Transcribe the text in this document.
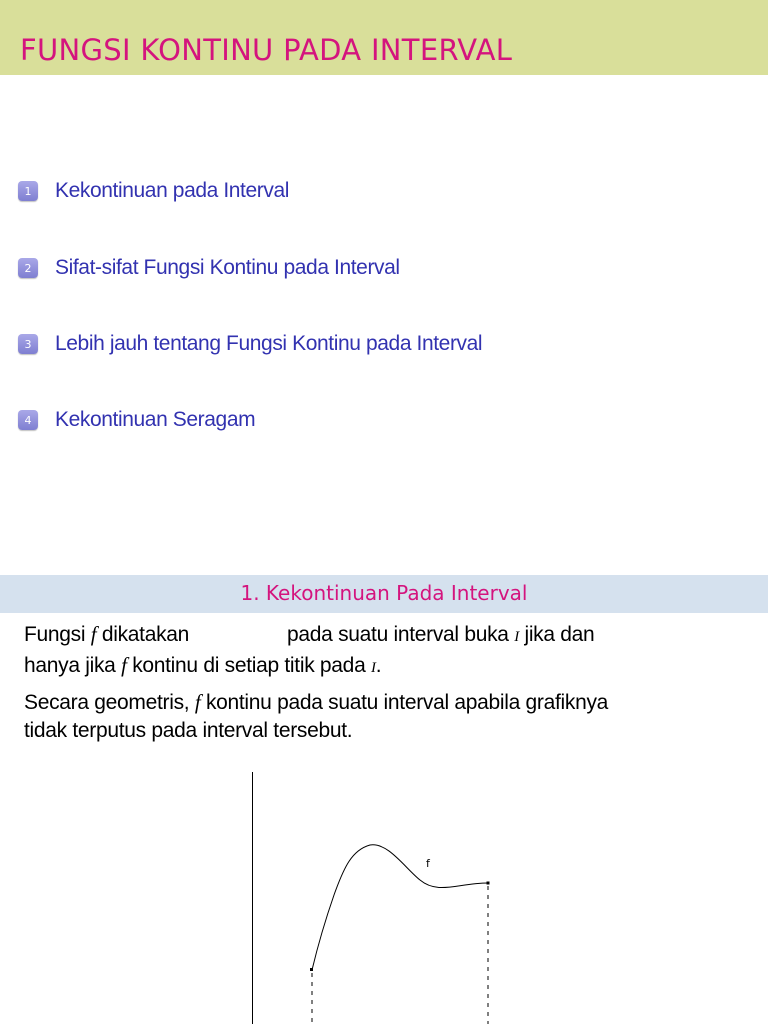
FUNGSI KONTINU PADA INTERVAL
1	Kekontinuan pada Interval
2	Sifat-sifat Fungsi Kontinu pada Interval
3	Lebih jauh tentang Fungsi Kontinu pada Interval
4	Kekontinuan Seragam
1. Kekontinuan Pada Interval
Fungsi f dikatakan	pada suatu interval buka I jika dan
hanya jika f kontinu di setiap titik pada I.
Secara geometris, f kontinu pada suatu interval apabila grafiknya
tidak terputus pada interval tersebut.
f
